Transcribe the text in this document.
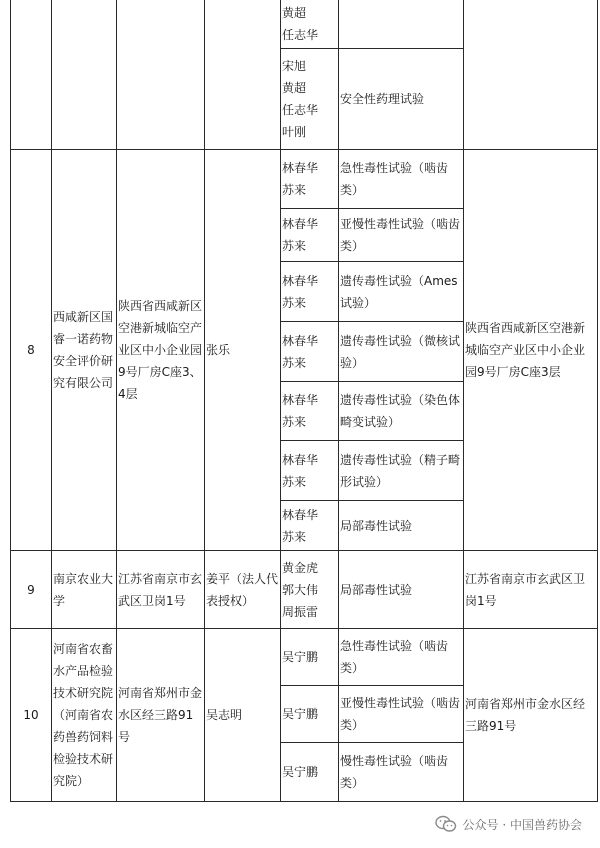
				黄超
任志华		

				宋旭
黄超
任志华
叶刚	安全性药理试验	
8	西咸新区国睿一诺药物安全评价研究有限公司	陕西省西咸新区空港新城临空产业区中小企业园9号厂房C座3、4层	张乐	林春华
苏来	急性毒性试验（啮齿类）	陕西省西咸新区空港新城临空产业区中小企业园9号厂房C座3层

				林春华
苏来	亚慢性毒性试验（啮齿类）	

				林春华
苏来	遗传毒性试验（Ames试验）	

				林春华
苏来	遗传毒性试验（微核试验）	

				林春华
苏来	遗传毒性试验（染色体畸变试验）	

				林春华
苏来	遗传毒性试验（精子畸形试验）	

				林春华
苏来	局部毒性试验	
9	南京农业大学	江苏省南京市玄武区卫岗1号	姜平（法人代表授权）	黄金虎
郭大伟
周振雷	局部毒性试验	江苏省南京市玄武区卫岗1号
10	河南省农畜水产品检验技术研究院（河南省农药兽药饲料检验技术研究院）	河南省郑州市金水区经三路91号	吴志明	吴宁鹏	急性毒性试验（啮齿类）	河南省郑州市金水区经三路91号

				吴宁鹏	亚慢性毒性试验（啮齿类）	

				吴宁鹏	慢性毒性试验（啮齿类）	
公众号 · 中国兽药协会
